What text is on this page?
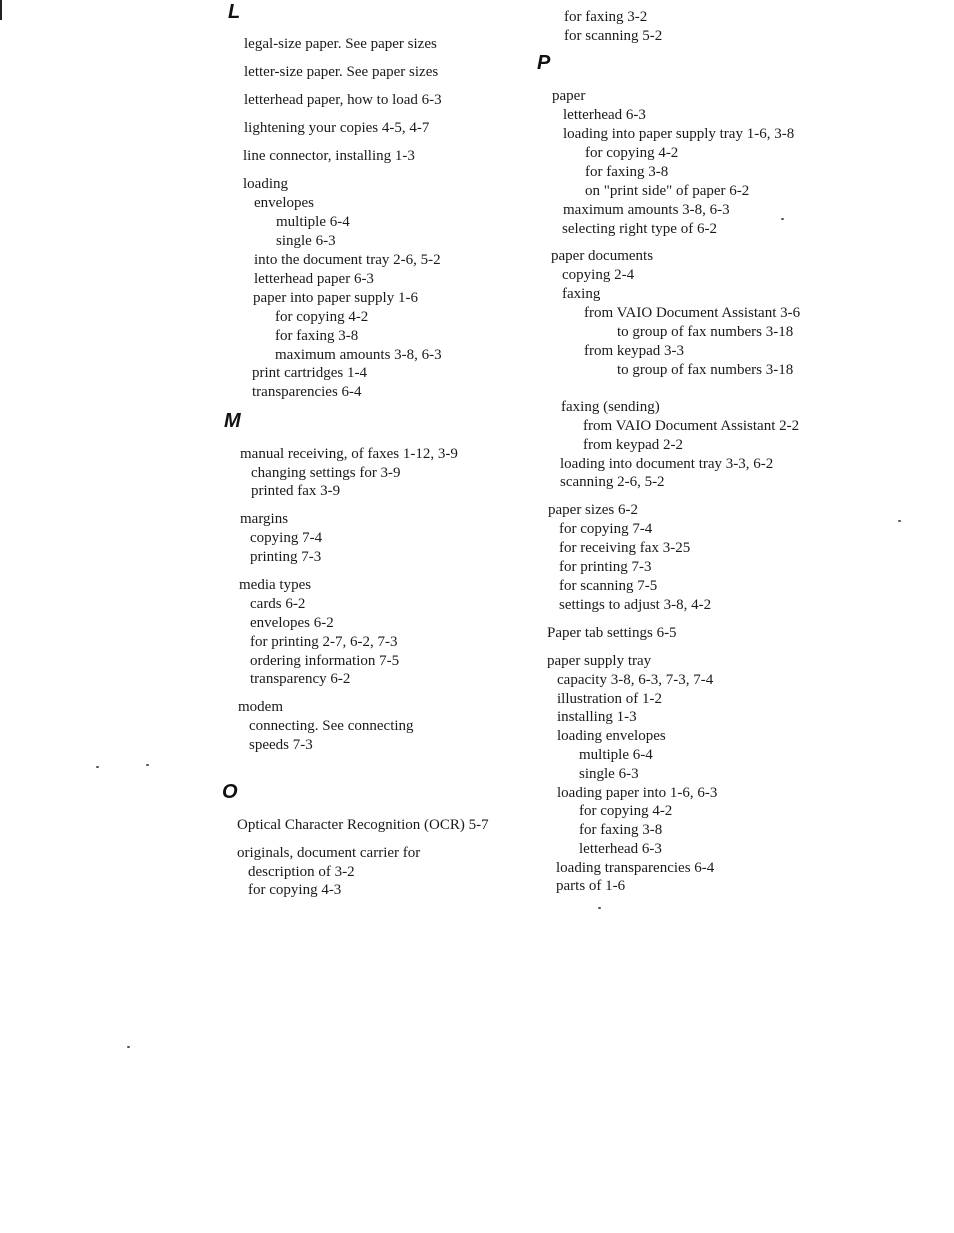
L
legal-size paper. See paper sizes
letter-size paper. See paper sizes
letterhead paper, how to load 6-3
lightening your copies 4-5, 4-7
line connector, installing 1-3
loading
envelopes
multiple 6-4
single 6-3
into the document tray 2-6, 5-2
letterhead paper 6-3
paper into paper supply 1-6
for copying 4-2
for faxing 3-8
maximum amounts 3-8, 6-3
print cartridges 1-4
transparencies 6-4
M
manual receiving, of faxes 1-12, 3-9
changing settings for 3-9
printed fax 3-9
margins
copying 7-4
printing 7-3
media types
cards 6-2
envelopes 6-2
for printing 2-7, 6-2, 7-3
ordering information 7-5
transparency 6-2
modem
connecting. See connecting
speeds 7-3
O
Optical Character Recognition (OCR) 5-7
originals, document carrier for
description of 3-2
for copying 4-3
for faxing 3-2
for scanning 5-2
P
paper
letterhead 6-3
loading into paper supply tray 1-6, 3-8
for copying 4-2
for faxing 3-8
on "print side" of paper 6-2
maximum amounts 3-8, 6-3
selecting right type of 6-2
paper documents
copying 2-4
faxing
from VAIO Document Assistant 3-6
to group of fax numbers 3-18
from keypad 3-3
to group of fax numbers 3-18
faxing (sending)
from VAIO Document Assistant 2-2
from keypad 2-2
loading into document tray 3-3, 6-2
scanning 2-6, 5-2
paper sizes 6-2
for copying 7-4
for receiving fax 3-25
for printing 7-3
for scanning 7-5
settings to adjust 3-8, 4-2
Paper tab settings 6-5
paper supply tray
capacity 3-8, 6-3, 7-3, 7-4
illustration of 1-2
installing 1-3
loading envelopes
multiple 6-4
single 6-3
loading paper into 1-6, 6-3
for copying 4-2
for faxing 3-8
letterhead 6-3
loading transparencies 6-4
parts of 1-6
